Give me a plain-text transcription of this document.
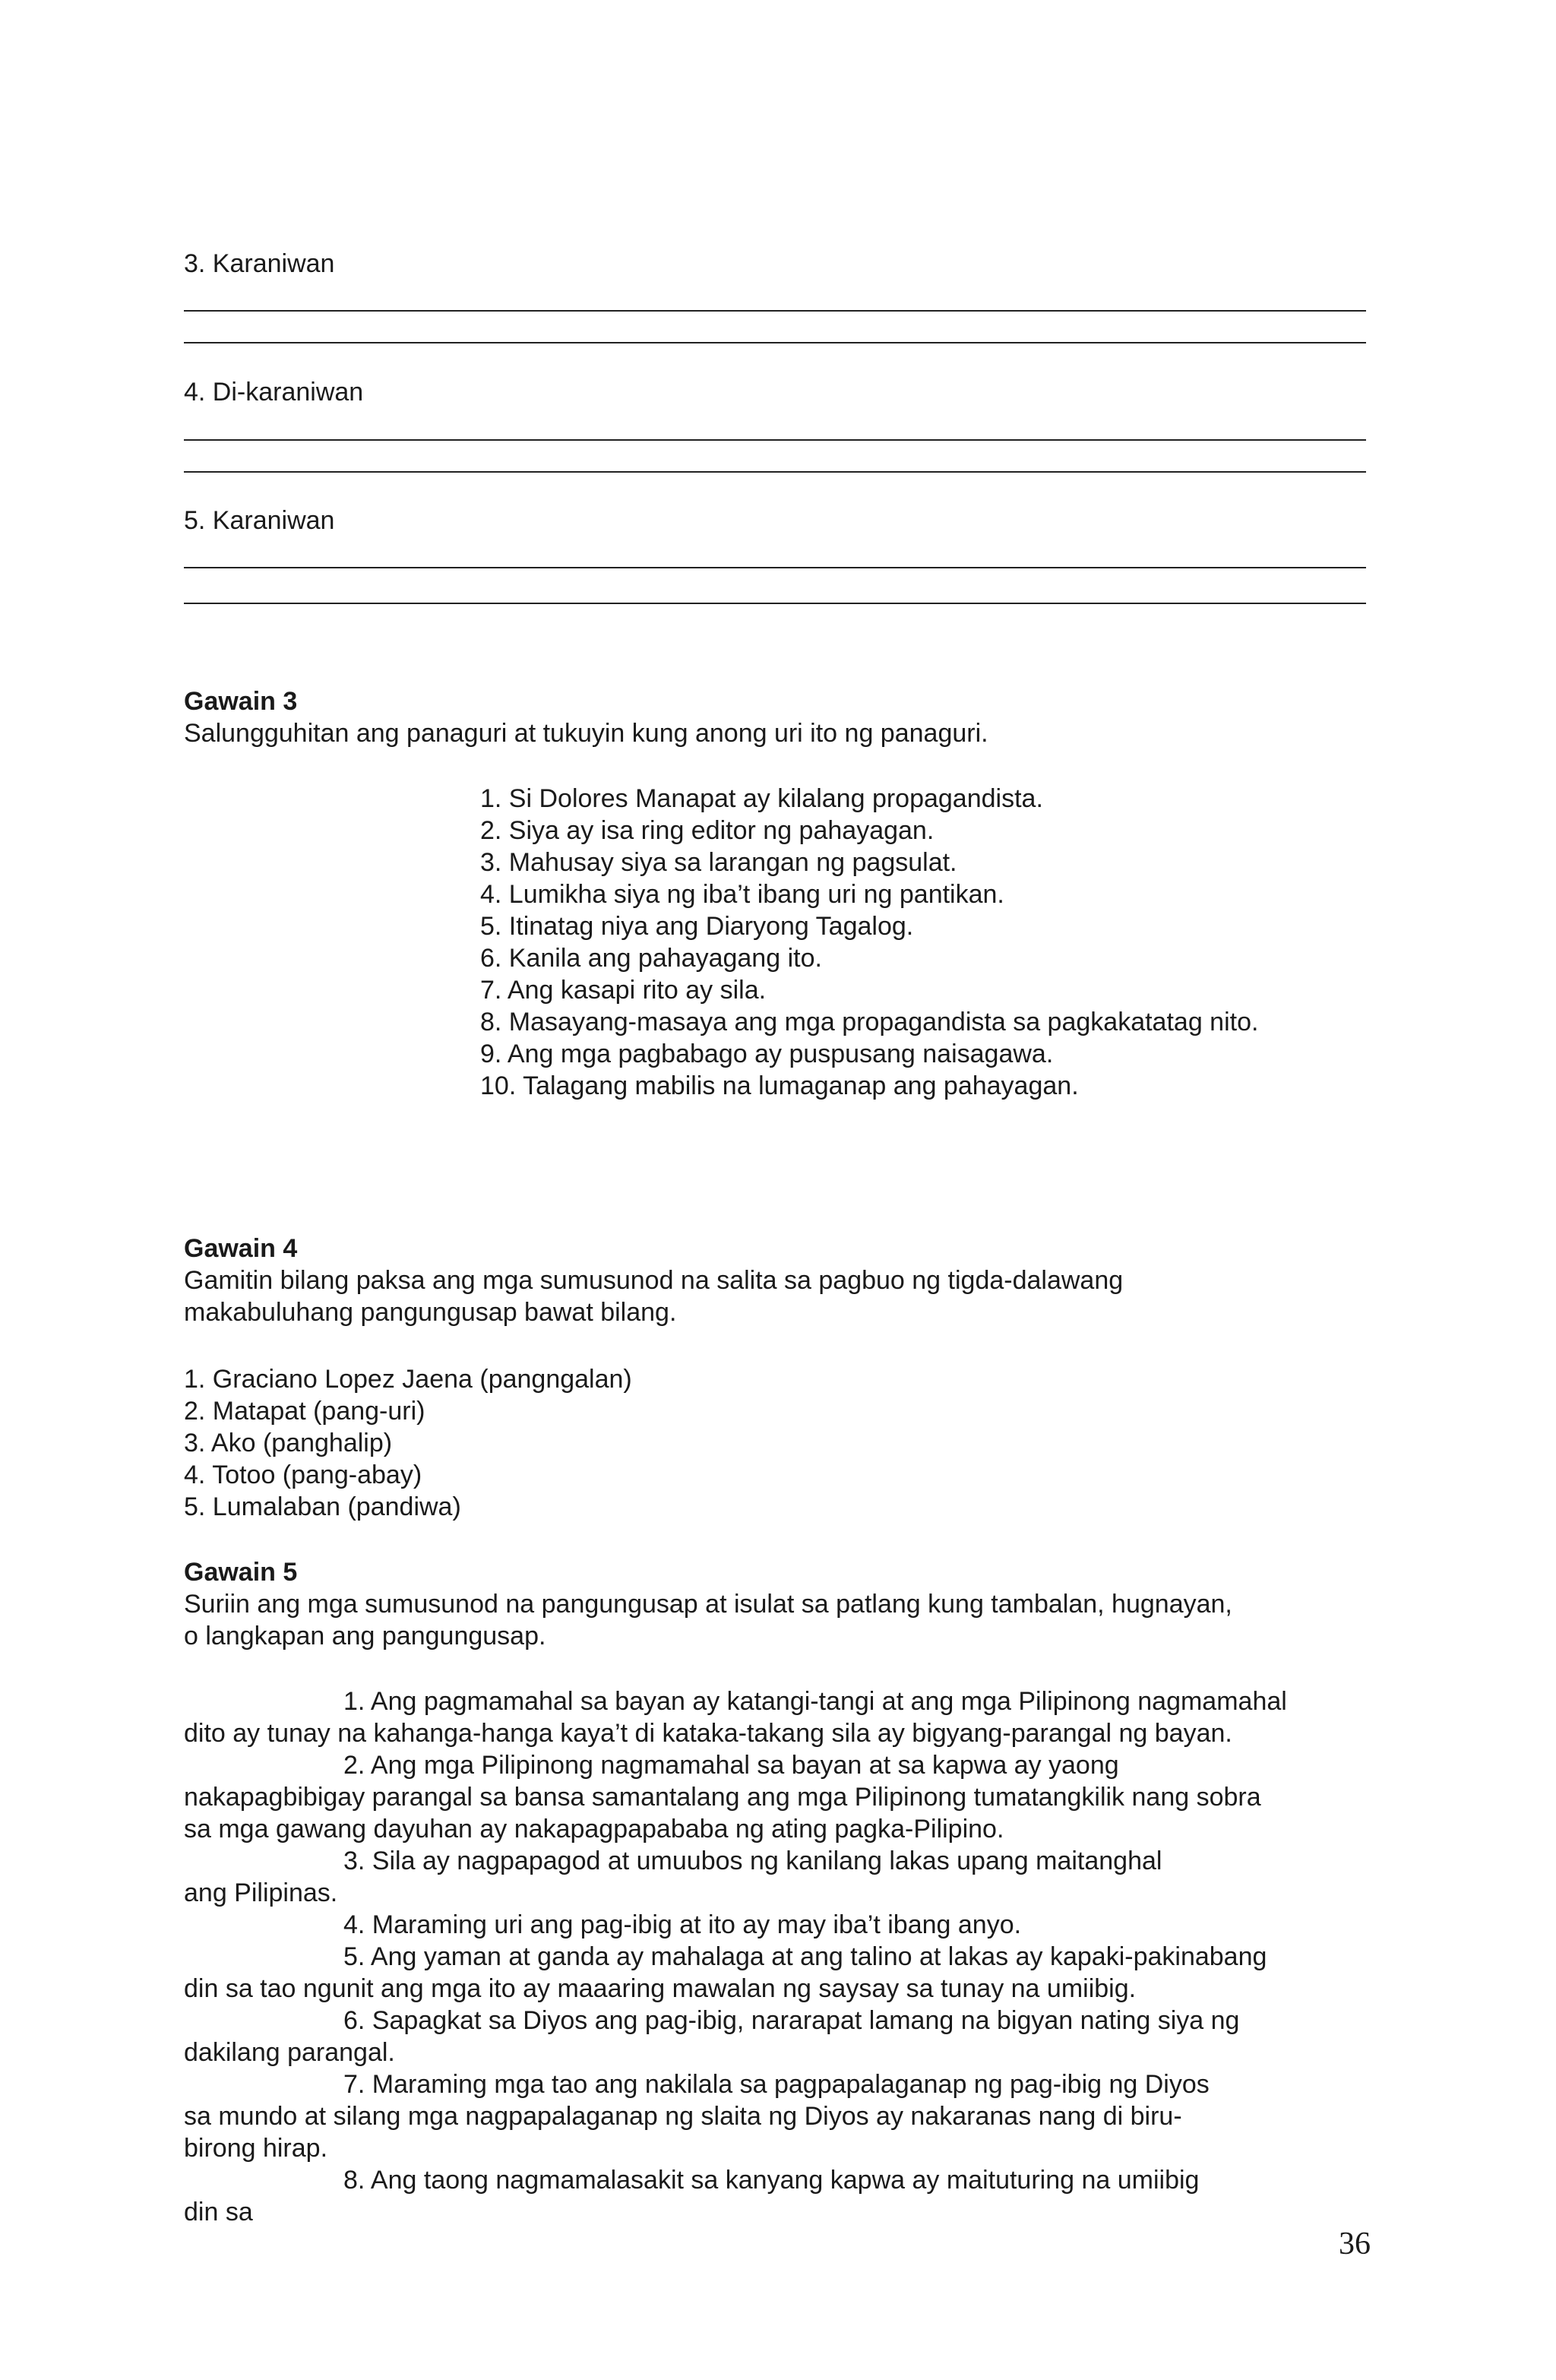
3. Karaniwan
4. Di-karaniwan
5. Karaniwan
Gawain 3
Salungguhitan ang panaguri at tukuyin kung anong uri ito ng panaguri.
1. Si Dolores Manapat ay kilalang propagandista.
2. Siya ay isa ring editor ng pahayagan.
3. Mahusay siya sa larangan ng pagsulat.
4. Lumikha siya ng iba’t ibang uri ng pantikan.
5. Itinatag niya ang Diaryong Tagalog.
6. Kanila ang pahayagang ito.
7. Ang kasapi rito ay sila.
8. Masayang-masaya ang mga propagandista sa pagkakatatag nito.
9. Ang mga pagbabago ay puspusang naisagawa.
10. Talagang mabilis na lumaganap ang pahayagan.
Gawain 4
Gamitin bilang paksa ang mga sumusunod na salita sa pagbuo ng tigda-dalawang
makabuluhang pangungusap bawat bilang.
1. Graciano Lopez Jaena (pangngalan)
2. Matapat (pang-uri)
3. Ako (panghalip)
4. Totoo (pang-abay)
5. Lumalaban (pandiwa)
Gawain 5
Suriin ang mga sumusunod na pangungusap at isulat sa patlang kung tambalan, hugnayan,
o langkapan ang pangungusap.
1. Ang pagmamahal sa bayan ay katangi-tangi at ang mga Pilipinong nagmamahal
dito ay tunay na kahanga-hanga kaya’t di kataka-takang sila ay bigyang-parangal ng bayan.
2. Ang mga Pilipinong nagmamahal sa bayan at sa kapwa ay yaong
nakapagbibigay parangal sa bansa samantalang ang mga Pilipinong tumatangkilik nang sobra
sa mga gawang dayuhan ay nakapagpapababa ng ating pagka-Pilipino.
3. Sila ay nagpapagod at umuubos ng kanilang lakas upang maitanghal
ang Pilipinas.
4. Maraming uri ang pag-ibig at ito ay may iba’t ibang anyo.
5. Ang yaman at ganda ay mahalaga at ang talino at lakas ay kapaki-pakinabang
din sa tao ngunit ang mga ito ay maaaring mawalan ng saysay sa tunay na umiibig.
6. Sapagkat sa Diyos ang pag-ibig, nararapat lamang na bigyan nating siya ng
dakilang parangal.
7. Maraming mga tao ang nakilala sa pagpapalaganap ng pag-ibig ng Diyos
sa mundo at silang mga nagpapalaganap ng slaita ng Diyos ay nakaranas nang di biru-
birong hirap.
8. Ang taong nagmamalasakit sa kanyang kapwa ay maituturing na umiibig
din sa
36
